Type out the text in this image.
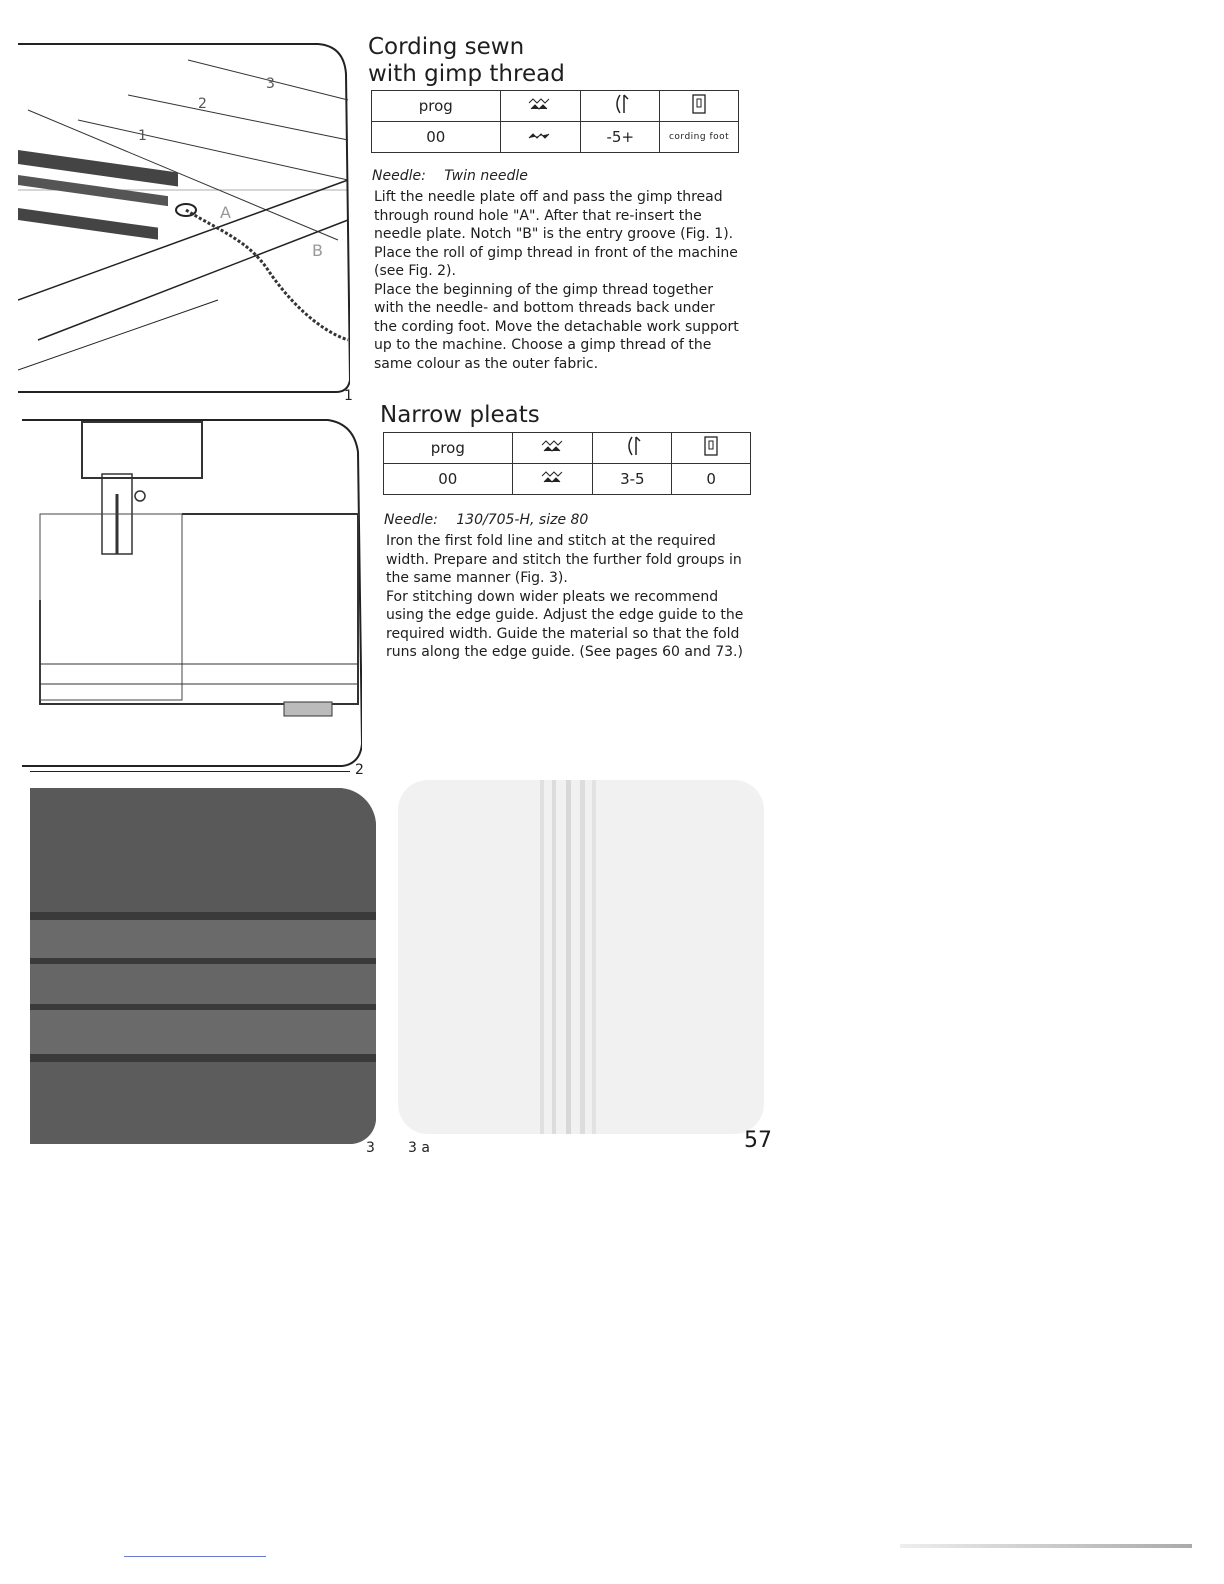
A
B
3
2
1
1
2
3 3 a
Cording sewn
with gimp thread
prog			
00		-5+	cording foot
Needle: Twin needle

Lift the needle plate off and pass the gimp thread through round hole "A". After that re-insert the needle plate. Notch "B" is the entry groove (Fig. 1). Place the roll of gimp thread in front of the machine (see Fig. 2).

Place the beginning of the gimp thread together with the needle- and bottom threads back under the cording foot. Move the detachable work support up to the machine. Choose a gimp thread of the same colour as the outer fabric.

Narrow pleats
prog			
00		3-5	0
Needle: 130/705-H, size 80

Iron the first fold line and stitch at the required width. Prepare and stitch the further fold groups in the same manner (Fig. 3).

For stitching down wider pleats we recommend using the edge guide. Adjust the edge guide to the required width. Guide the material so that the fold runs along the edge guide. (See pages 60 and 73.)

57
